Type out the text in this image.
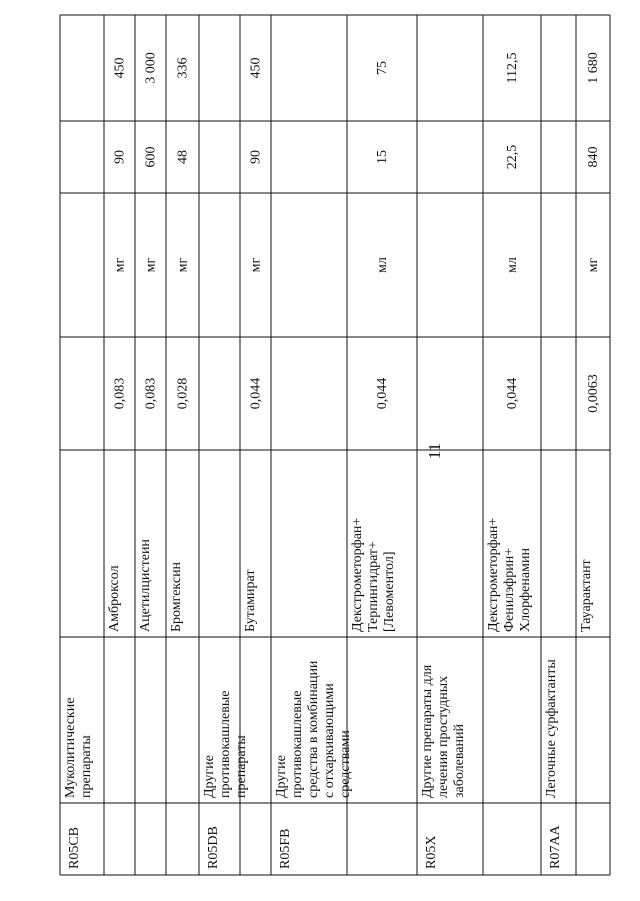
11
R05CB
Муколитическиепрепараты
Амброксол
0,083
мг
90
450
Ацетилцистеин
0,083
мг
600
3 000
Бромгексин
0,028
мг
48
336
R05DB
Другиепротивокашлевыепрепараты
Бутамират
0,044
мг
90
450
R05FB
Другиепротивокашлевыесредства в комбинациис отхаркивающимисредствами
Декстрометорфан+Терпингидрат+[Левоментол]
0,044
мл
15
75
R05X
Другие препараты длялечения простудныхзаболеваний
Декстрометорфан+Фенилэфрин+Хлорфенамин
0,044
мл
22,5
112,5
R07AA
Легочные сурфактанты
Тауарактант
0,0063
мг
840
1 680
